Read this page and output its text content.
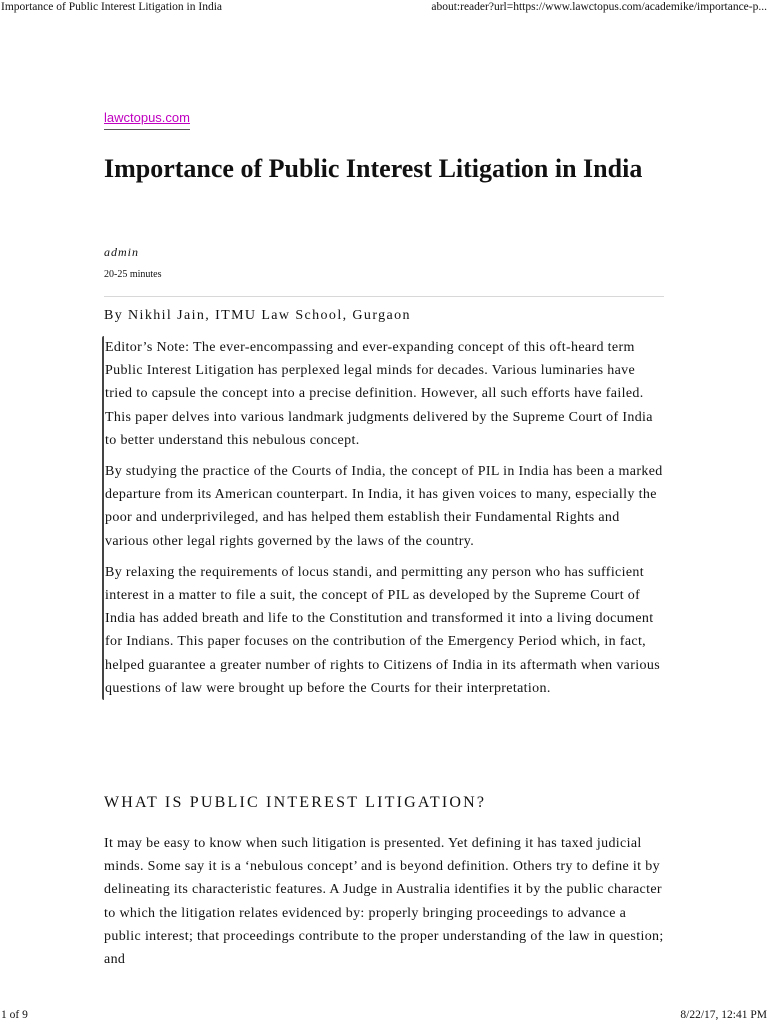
Importance of Public Interest Litigation in India	about:reader?url=https://www.lawctopus.com/academike/importance-p...
lawctopus.com
Importance of Public Interest Litigation in India
admin
20-25 minutes
By Nikhil Jain, ITMU Law School, Gurgaon

Editor’s Note: The ever-encompassing and ever-expanding concept of this oft-heard term Public Interest Litigation has perplexed legal minds for decades. Various luminaries have tried to capsule the concept into a precise definition. However, all such efforts have failed. This paper delves into various landmark judgments delivered by the Supreme Court of India to better understand this nebulous concept.

By studying the practice of the Courts of India, the concept of PIL in India has been a marked departure from its American counterpart. In India, it has given voices to many, especially the poor and underprivileged, and has helped them establish their Fundamental Rights and various other legal rights governed by the laws of the country.

By relaxing the requirements of locus standi, and permitting any person who has sufficient interest in a matter to file a suit, the concept of PIL as developed by the Supreme Court of India has added breath and life to the Constitution and transformed it into a living document for Indians. This paper focuses on the contribution of the Emergency Period which, in fact, helped guarantee a greater number of rights to Citizens of India in its aftermath when various questions of law were brought up before the Courts for their interpretation.

WHAT IS PUBLIC INTEREST LITIGATION?

It may be easy to know when such litigation is presented. Yet defining it has taxed judicial minds. Some say it is a ‘nebulous concept’ and is beyond definition. Others try to define it by delineating its characteristic features. A Judge in Australia identifies it by the public character to which the litigation relates evidenced by: properly bringing proceedings to advance a public interest; that proceedings contribute to the proper understanding of the law in question; and

1 of 9	8/22/17, 12:41 PM
